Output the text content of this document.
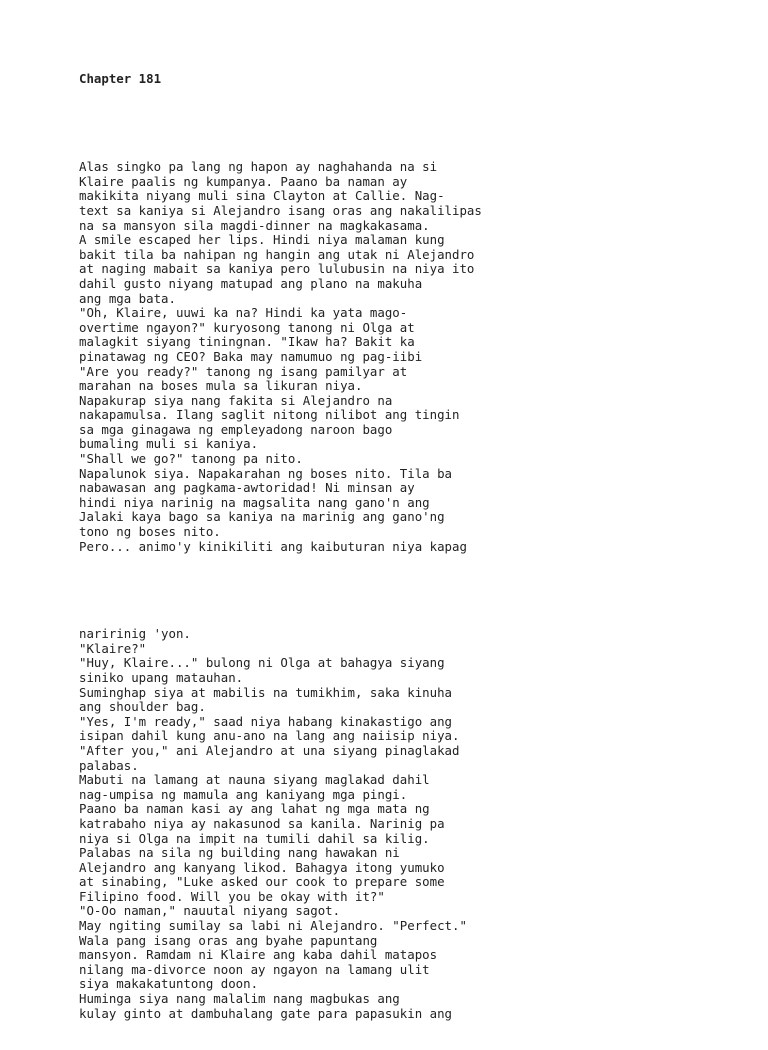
Chapter 181

Alas singko pa lang ng hapon ay naghahanda na si
Klaire paalis ng kumpanya. Paano ba naman ay
makikita niyang muli sina Clayton at Callie. Nag-
text sa kaniya si Alejandro isang oras ang nakalilipas
na sa mansyon sila magdi-dinner na magkakasama.
A smile escaped her lips. Hindi niya malaman kung
bakit tila ba nahipan ng hangin ang utak ni Alejandro
at naging mabait sa kaniya pero lulubusin na niya ito
dahil gusto niyang matupad ang plano na makuha
ang mga bata.
"Oh, Klaire, uuwi ka na? Hindi ka yata mago-
overtime ngayon?" kuryosong tanong ni Olga at
malagkit siyang tiningnan. "Ikaw ha? Bakit ka
pinatawag ng CEO? Baka may namumuo ng pag-iibi
"Are you ready?" tanong ng isang pamilyar at
marahan na boses mula sa likuran niya.
Napakurap siya nang fakita si Alejandro na
nakapamulsa. Ilang saglit nitong nilibot ang tingin
sa mga ginagawa ng empleyadong naroon bago
bumaling muli si kaniya.
"Shall we go?" tanong pa nito.
Napalunok siya. Napakarahan ng boses nito. Tila ba
nabawasan ang pagkama-awtoridad! Ni minsan ay
hindi niya narinig na magsalita nang gano'n ang
Jalaki kaya bago sa kaniya na marinig ang gano'ng
tono ng boses nito.
Pero... animo'y kinikiliti ang kaibuturan niya kapag

naririnig 'yon.
"Klaire?"
"Huy, Klaire..." bulong ni Olga at bahagya siyang
siniko upang matauhan.
Suminghap siya at mabilis na tumikhim, saka kinuha
ang shoulder bag.
"Yes, I'm ready," saad niya habang kinakastigo ang
isipan dahil kung anu-ano na lang ang naiisip niya.
"After you," ani Alejandro at una siyang pinaglakad
palabas.
Mabuti na lamang at nauna siyang maglakad dahil
nag-umpisa ng mamula ang kaniyang mga pingi.
Paano ba naman kasi ay ang lahat ng mga mata ng
katrabaho niya ay nakasunod sa kanila. Narinig pa
niya si Olga na impit na tumili dahil sa kilig.
Palabas na sila ng building nang hawakan ni
Alejandro ang kanyang likod. Bahagya itong yumuko
at sinabing, "Luke asked our cook to prepare some
Filipino food. Will you be okay with it?"
"O-Oo naman," nauutal niyang sagot.
May ngiting sumilay sa labi ni Alejandro. "Perfect."
Wala pang isang oras ang byahe papuntang
mansyon. Ramdam ni Klaire ang kaba dahil matapos
nilang ma-divorce noon ay ngayon na lamang ulit
siya makakatuntong doon.
Huminga siya nang malalim nang magbukas ang
kulay ginto at dambuhalang gate para papasukin ang
